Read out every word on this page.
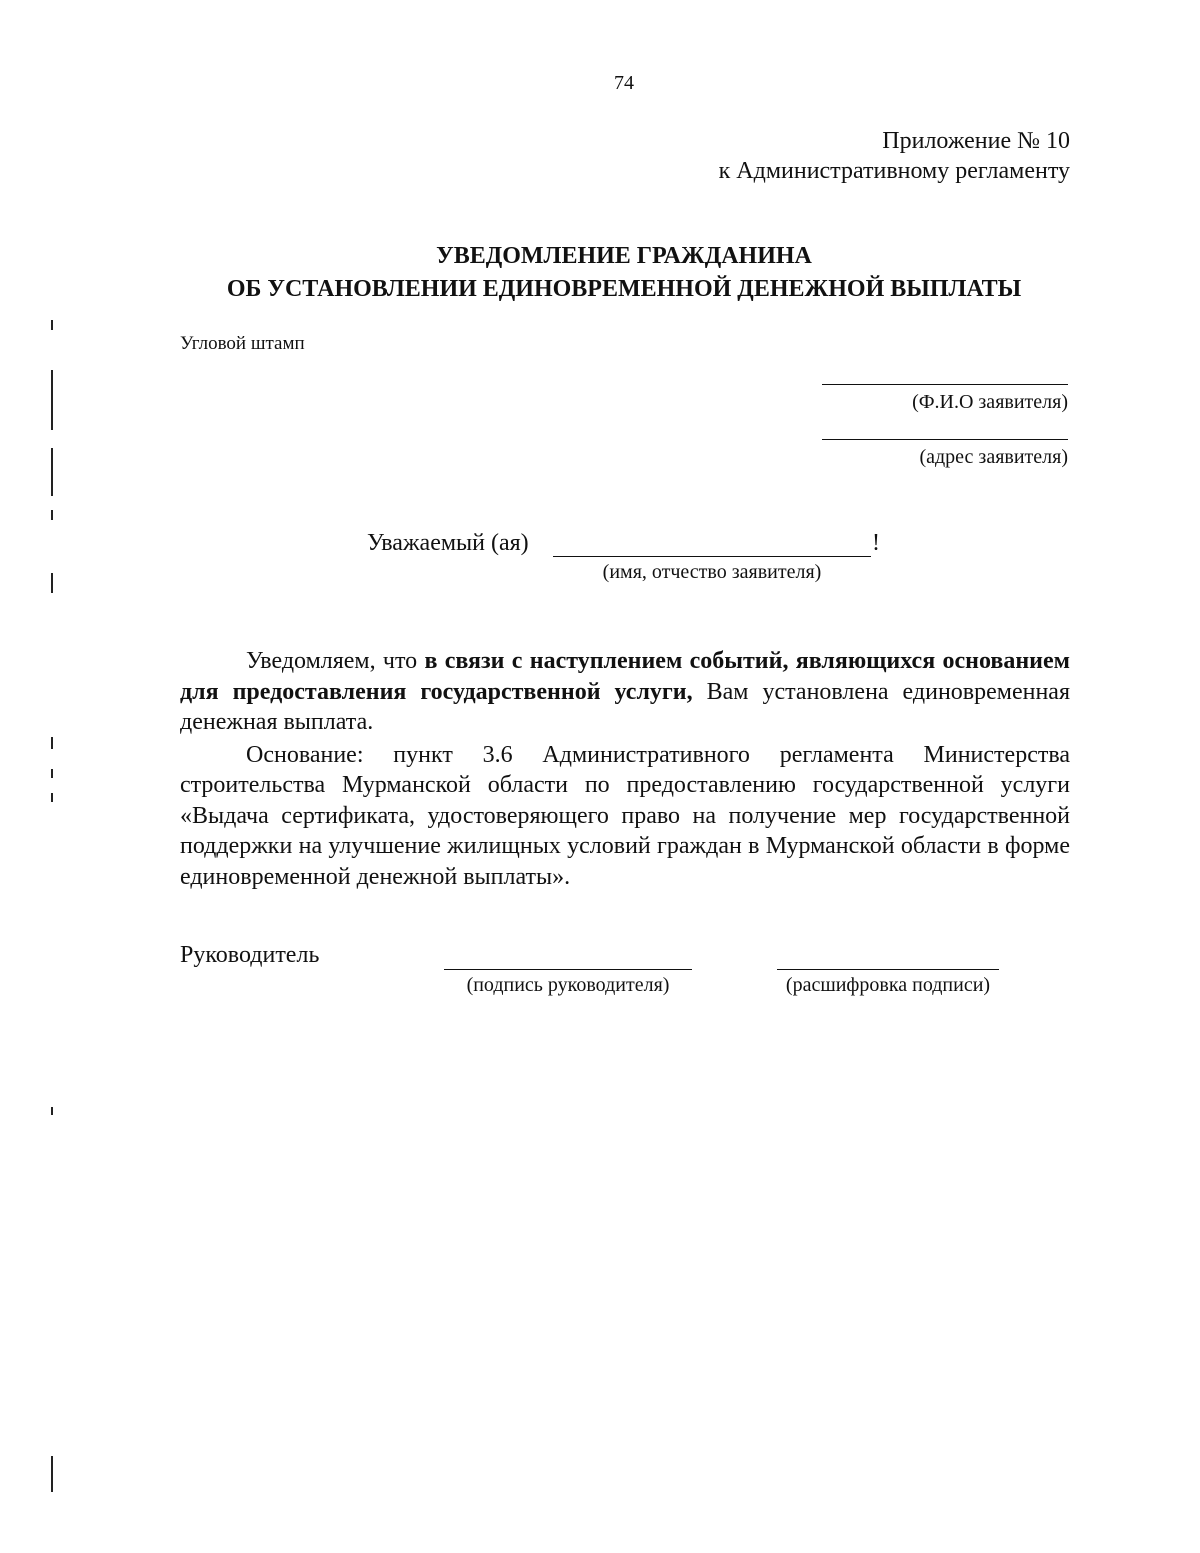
74
Приложение № 10
к Административному регламенту
УВЕДОМЛЕНИЕ ГРАЖДАНИНА
ОБ УСТАНОВЛЕНИИ ЕДИНОВРЕМЕННОЙ ДЕНЕЖНОЙ ВЫПЛАТЫ
Угловой штамп
(Ф.И.О заявителя)
(адрес заявителя)
Уважаемый (ая)	!
(имя, отчество заявителя)

Уведомляем, что в связи с наступлением событий, являющихся основанием для предоставления государственной услуги, Вам установлена единовременная денежная выплата.

Основание: пункт 3.6 Административного регламента Министерства строительства Мурманской области по предоставлению государственной услуги «Выдача сертификата, удостоверяющего право на получение мер государственной поддержки на улучшение жилищных условий граждан в Мурманской области в форме единовременной денежной выплаты».

Руководитель
(подпись руководителя)	(расшифровка подписи)
